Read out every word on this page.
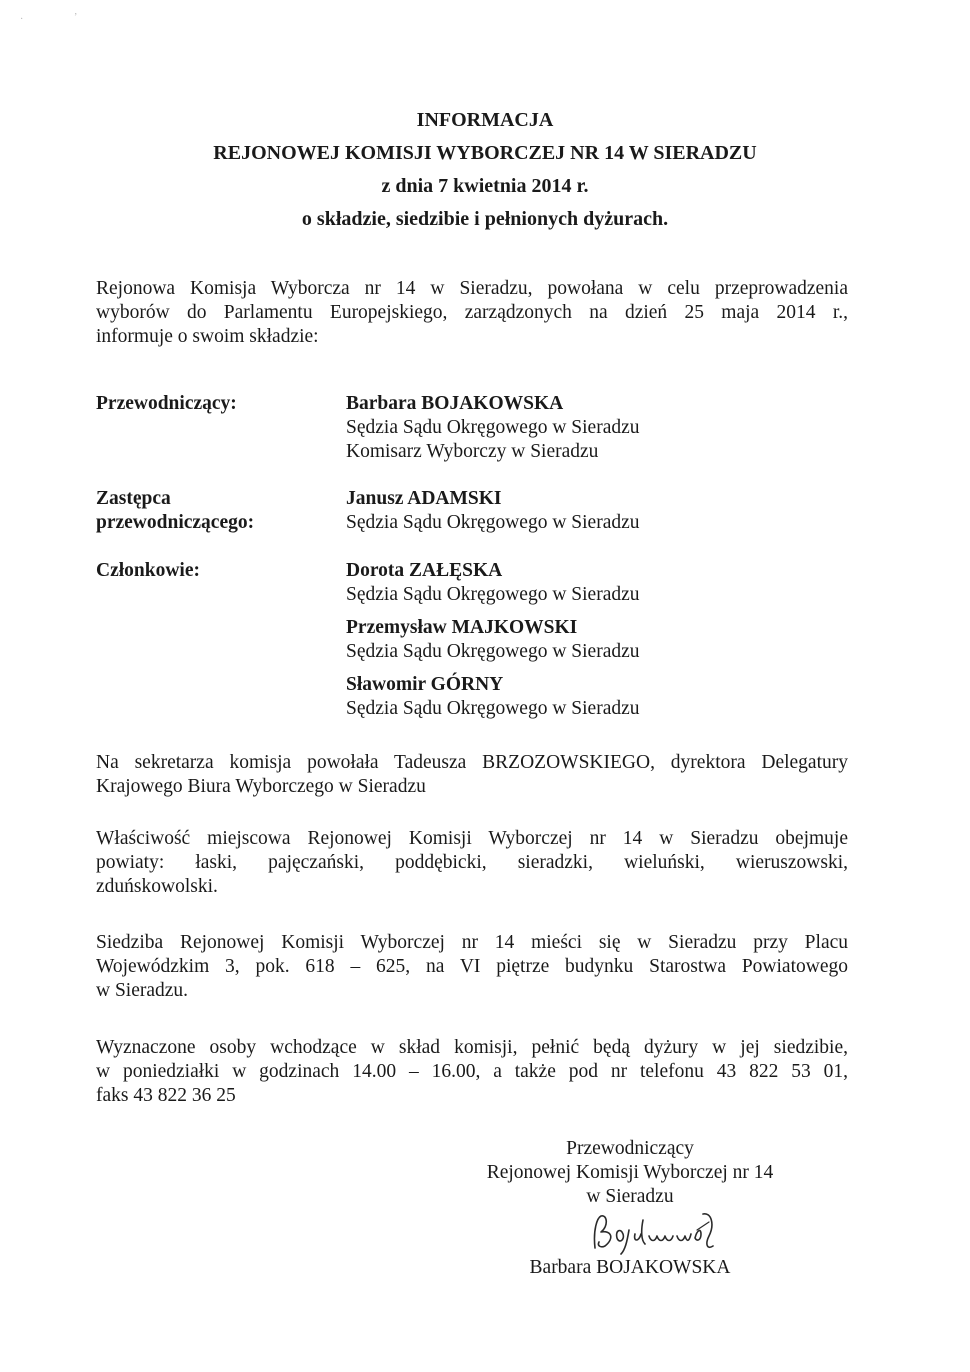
·	ʼ
INFORMACJA
REJONOWEJ KOMISJI WYBORCZEJ NR 14 W SIERADZU
z dnia 7 kwietnia 2014 r.
o składzie, siedzibie i pełnionych dyżurach.
Rejonowa Komisja Wyborcza nr 14 w Sieradzu, powołana w celu przeprowadzenia
wyborów do Parlamentu Europejskiego, zarządzonych na dzień 25 maja 2014 r.,
informuje o swoim składzie:
Przewodniczący:	Barbara BOJAKOWSKA
Sędzia Sądu Okręgowego w Sieradzu
Komisarz Wyborczy w Sieradzu
Zastępca
przewodniczącego:
Janusz ADAMSKI
Sędzia Sądu Okręgowego w Sieradzu
Członkowie:	Dorota ZAŁĘSKA
Sędzia Sądu Okręgowego w Sieradzu
Przemysław MAJKOWSKI
Sędzia Sądu Okręgowego w Sieradzu
Sławomir GÓRNY
Sędzia Sądu Okręgowego w Sieradzu
Na sekretarza komisja powołała Tadeusza BRZOZOWSKIEGO, dyrektora Delegatury
Krajowego Biura Wyborczego w Sieradzu
Właściwość miejscowa Rejonowej Komisji Wyborczej nr 14 w Sieradzu obejmuje
powiaty: łaski, pajęczański, poddębicki, sieradzki, wieluński, wieruszowski,
zduńskowolski.
Siedziba Rejonowej Komisji Wyborczej nr 14 mieści się w Sieradzu przy Placu
Wojewódzkim 3, pok. 618 – 625, na VI piętrze budynku Starostwa Powiatowego
w Sieradzu.
Wyznaczone osoby wchodzące w skład komisji, pełnić będą dyżury w jej siedzibie,
w poniedziałki w godzinach 14.00 – 16.00, a także pod nr telefonu 43 822 53 01,
faks 43 822 36 25
Przewodniczący
Rejonowej Komisji Wyborczej nr 14
w Sieradzu
Barbara BOJAKOWSKA
